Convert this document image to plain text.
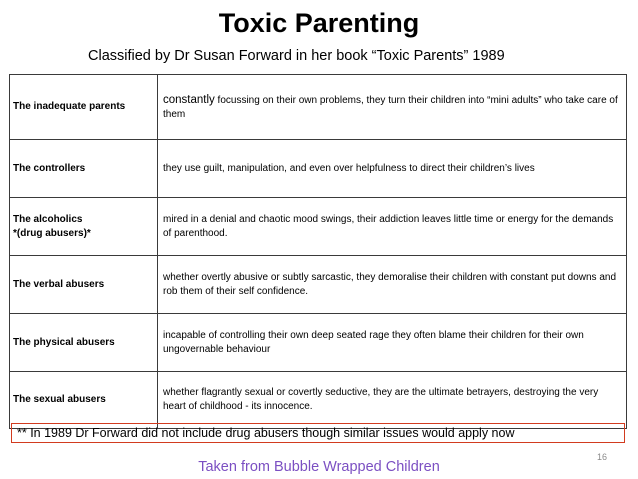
Toxic Parenting
Classified by Dr Susan Forward in her book “Toxic Parents” 1989
The inadequate parents	constantly focussing on their own problems, they turn their children into “mini adults” who take care of them
The controllers	they use guilt, manipulation, and even over helpfulness to direct their children’s lives
The alcoholics
*(drug abusers)*	mired in a denial and chaotic mood swings, their addiction leaves little time or energy for the demands of parenthood.
The verbal abusers	whether overtly abusive or subtly sarcastic, they demoralise their children with constant put downs and rob them of their self confidence.
The physical abusers	incapable of controlling their own deep seated rage they often blame their children for their own ungovernable behaviour
The sexual abusers	whether flagrantly sexual or covertly seductive, they are the ultimate betrayers, destroying the very heart of childhood - its innocence.
** In 1989 Dr Forward did not include drug abusers though similar issues would apply now
16
Taken from Bubble Wrapped Children
